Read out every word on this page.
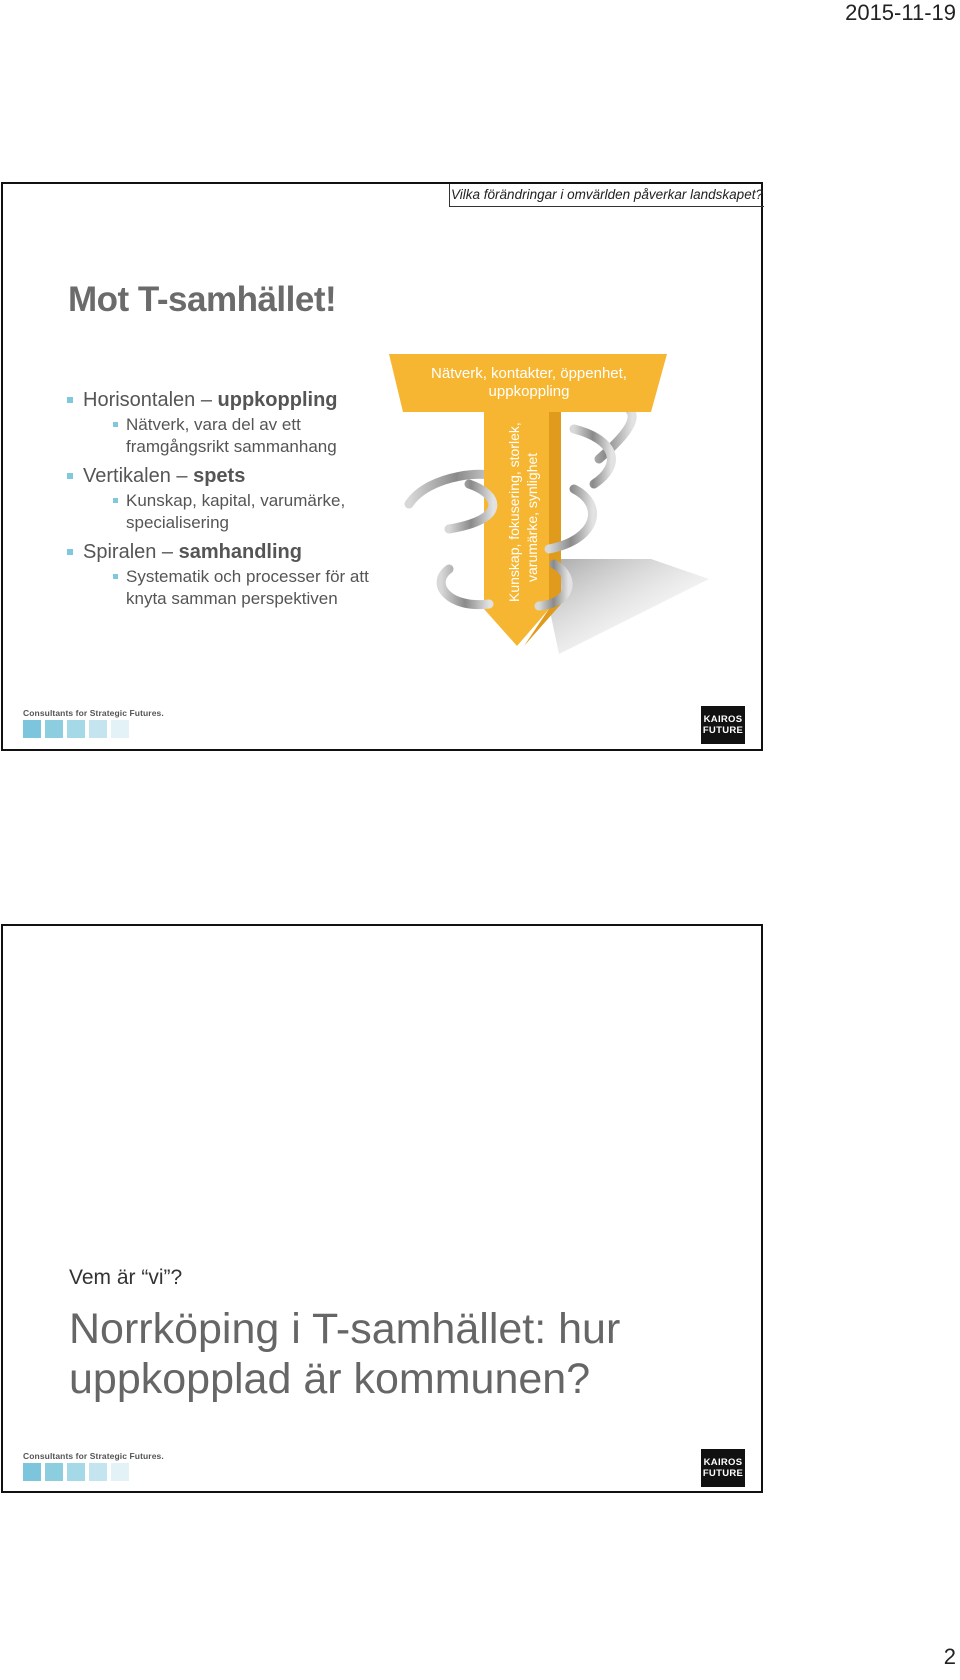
2015-11-19
Vilka förändringar i omvärlden påverkar landskapet?
Mot T-samhället!
Horisontalen – uppkoppling
Nätverk, vara del av ett framgångsrikt sammanhang
Vertikalen – spets
Kunskap, kapital, varumärke, specialisering
Spiralen – samhandling
Systematik och processer för att knyta samman perspektiven
Nätverk, kontakter, öppenhet,
uppkoppling
Kunskap, fokusering, storlek, varumärke, synlighet
Consultants for Strategic Futures.
KAIROS
FUTURE
Vem är “vi”?
Norrköping i T-samhället: hur uppkopplad är kommunen?
Consultants for Strategic Futures.
KAIROS
FUTURE
2
